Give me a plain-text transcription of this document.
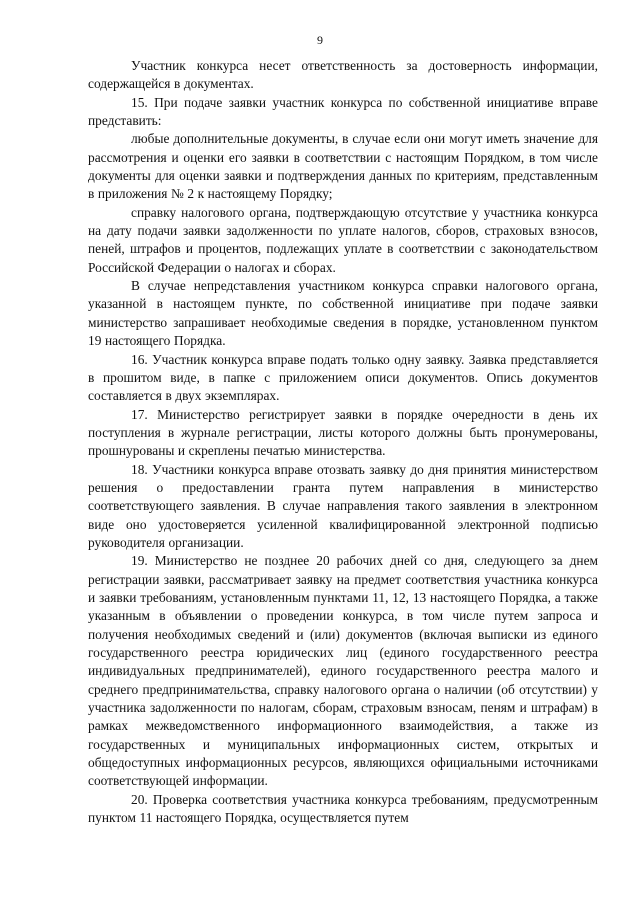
9

Участник конкурса несет ответственность за достоверность информации, содержащейся в документах.

15. При подаче заявки участник конкурса по собственной инициативе вправе представить:

любые дополнительные документы, в случае если они могут иметь значение для рассмотрения и оценки его заявки в соответствии с настоящим Порядком, в том числе документы для оценки заявки и подтверждения данных по критериям, представленным в приложения № 2 к настоящему Порядку;

справку налогового органа, подтверждающую отсутствие у участника конкурса на дату подачи заявки задолженности по уплате налогов, сборов, страховых взносов, пеней, штрафов и процентов, подлежащих уплате в соответствии с законодательством Российской Федерации о налогах и сборах.

В случае непредставления участником конкурса справки налогового органа, указанной в настоящем пункте, по собственной инициативе при подаче заявки министерство запрашивает необходимые сведения в порядке, установленном пунктом 19 настоящего Порядка.

16. Участник конкурса вправе подать только одну заявку. Заявка представляется в прошитом виде, в папке с приложением описи документов. Опись документов составляется в двух экземплярах.

17. Министерство регистрирует заявки в порядке очередности в день их поступления в журнале регистрации, листы которого должны быть пронумерованы, прошнурованы и скреплены печатью министерства.

18. Участники конкурса вправе отозвать заявку до дня принятия министерством решения о предоставлении гранта путем направления в министерство соответствующего заявления. В случае направления такого заявления в электронном виде оно удостоверяется усиленной квалифицированной электронной подписью руководителя организации.

19. Министерство не позднее 20 рабочих дней со дня, следующего за днем регистрации заявки, рассматривает заявку на предмет соответствия участника конкурса и заявки требованиям, установленным пунктами 11, 12, 13 настоящего Порядка, а также указанным в объявлении о проведении конкурса, в том числе путем запроса и получения необходимых сведений и (или) документов (включая выписки из единого государственного реестра юридических лиц (единого государственного реестра индивидуальных предпринимателей), единого государственного реестра малого и среднего предпринимательства, справку налогового органа о наличии (об отсутствии) у участника задолженности по налогам, сборам, страховым взносам, пеням и штрафам) в рамках межведомственного информационного взаимодействия, а также из государственных и муниципальных информационных систем, открытых и общедоступных информационных ресурсов, являющихся официальными источниками соответствующей информации.

20. Проверка соответствия участника конкурса требованиям, предусмотренным пунктом 11 настоящего Порядка, осуществляется путем
